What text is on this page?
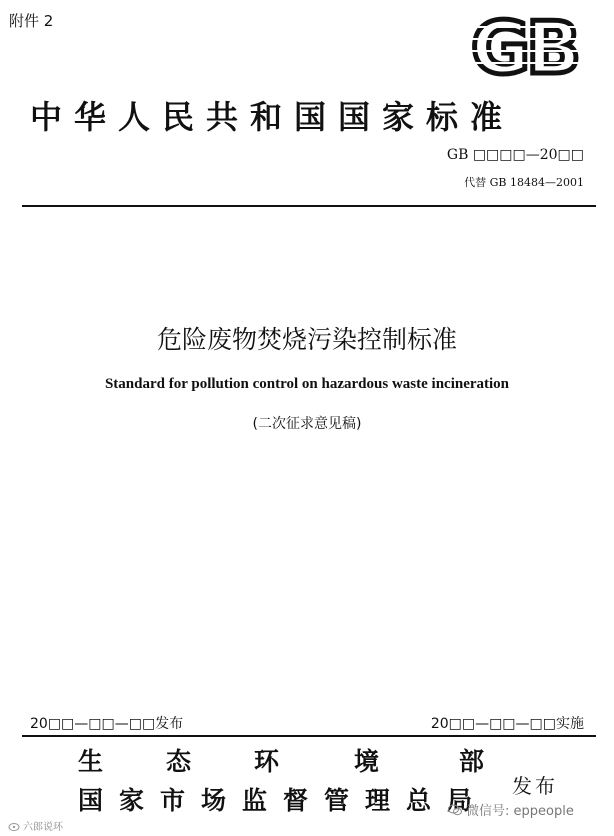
附件 2	GB
中华人民共和国国家标准
GB □□□□—20□□
代替 GB 18484—2001
危险废物焚烧污染控制标准
Standard for pollution control on hazardous waste incineration
(二次征求意见稿)
20□□—□□—□□发布	20□□—□□—□□实施
生	态	环	境	部
国家市场监督管理总局 发布
微信号: eppeople
六郎说环
